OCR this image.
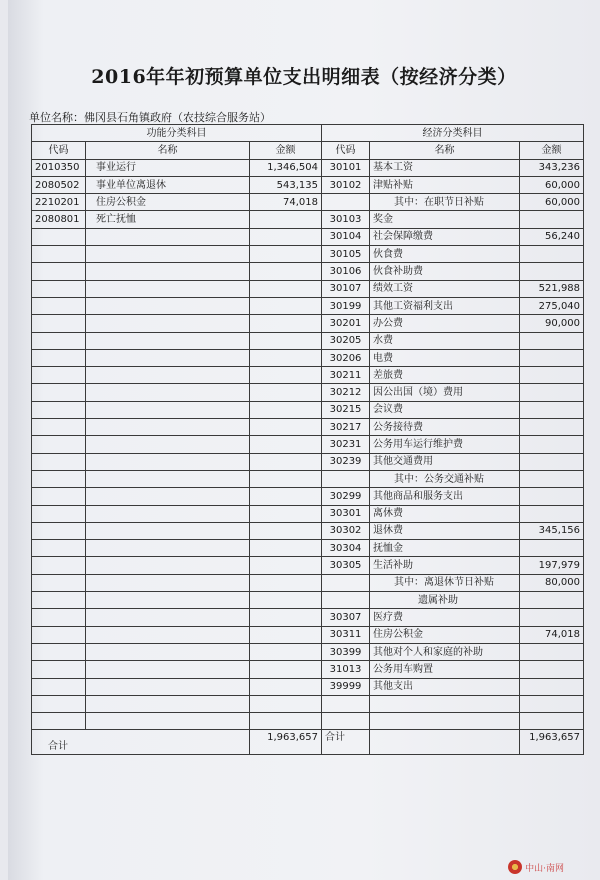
2016年年初预算单位支出明细表（按经济分类）
单位名称：佛冈县石角镇政府（农技综合服务站）
功能分类科目			经济分类科目		
代码	名称	金额	代码	名称	金额
2010350	事业运行	1,346,504	30101	基本工资	343,236
2080502	事业单位离退休	543,135	30102	津贴补贴	60,000
2210201	住房公积金	74,018		其中：在职节日补贴	60,000
2080801	死亡抚恤		30103	奖金	
			30104	社会保障缴费	56,240
			30105	伙食费	
			30106	伙食补助费	
			30107	绩效工资	521,988
			30199	其他工资福利支出	275,040
			30201	办公费	90,000
			30205	水费	
			30206	电费	
			30211	差旅费	
			30212	因公出国（境）费用	
			30215	会议费	
			30217	公务接待费	
			30231	公务用车运行维护费	
			30239	其他交通费用	
				其中：公务交通补贴	
			30299	其他商品和服务支出	
			30301	离休费	
			30302	退休费	345,156
			30304	抚恤金	
			30305	生活补助	197,979
				其中：离退休节日补贴	80,000
				遗属补助	
			30307	医疗费	
			30311	住房公积金	74,018
			30399	其他对个人和家庭的补助	
			31013	公务用车购置	
			39999	其他支出	

合计		1,963,657	合计		1,963,657
中山·南网
